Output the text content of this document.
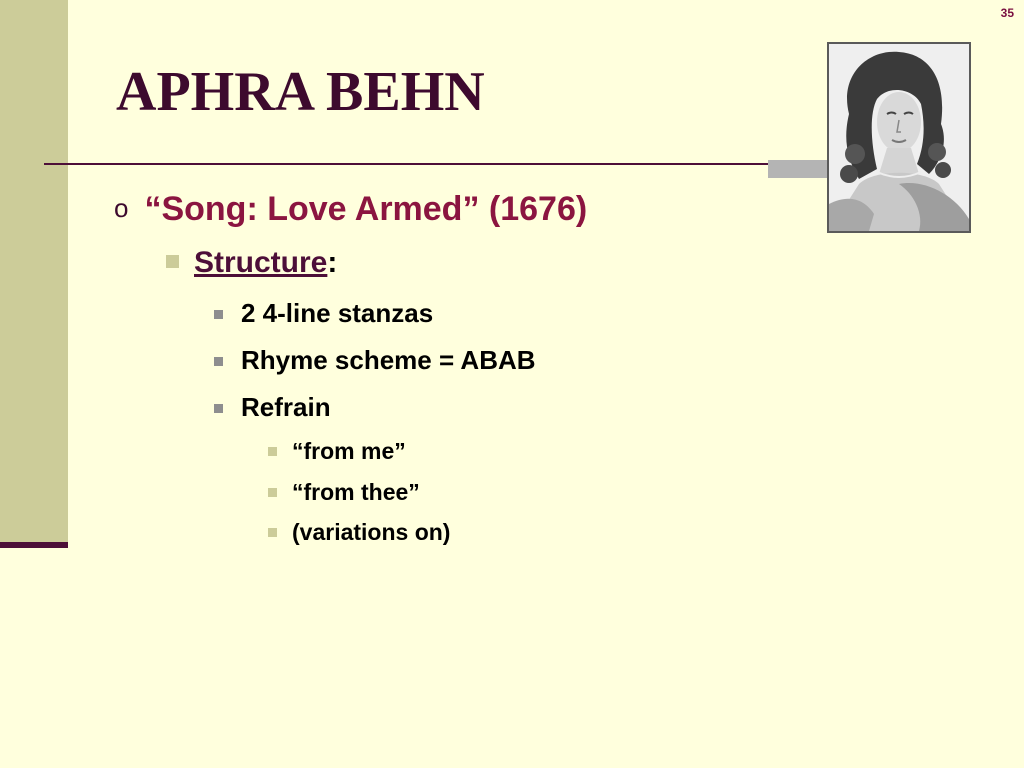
35
APHRA BEHN
o “Song: Love Armed” (1676)
Structure:
2 4-line stanzas
Rhyme scheme = ABAB
Refrain
“from me”
“from thee”
(variations on)
